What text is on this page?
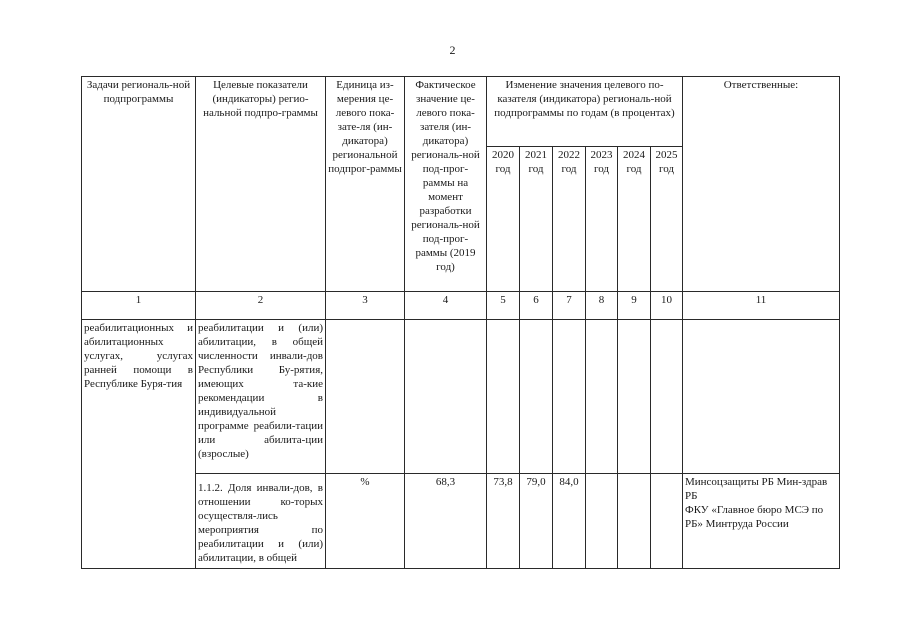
2
Задачи региональ-ной подпрограммы	Целевые показатели (индикаторы) регио-нальной подпро-граммы	Единица из-мерения це-левого пока-зате-ля (ин-дикатора) региональной подпрог-раммы	Фактическое значение це-левого пока-зателя (ин-дикатора) региональ-ной под-прог-раммы на момент разработки региональ-ной под-прог-раммы (2019 год)	Изменение значения целевого по-казателя (индикатора) региональ-ной подпрограммы по годам (в процентах)						Ответственные:
				2020 год	2021 год	2022 год	2023 год	2024 год	2025 год	
1	2	3	4	5	6	7	8	9	10	11
реабилитационных и абилитационных услугах, услугах ранней помощи в Республике Буря-тия	реабилитации и (или) абилитации, в общей численности инвали-дов Республики Бу-рятия, имеющих та-кие рекомендации в индивидуальной программе реабили-тации или абилита-ции (взрослые)									
	1.1.2. Доля инвали-дов, в отношении ко-торых осуществля-лись мероприятия по реабилитации и (или) абилитации, в общей	%	68,3	73,8	79,0	84,0				Минсоцзащиты РБ Мин-здрав РБ
ФКУ «Главное бюро МСЭ по РБ» Минтруда России
